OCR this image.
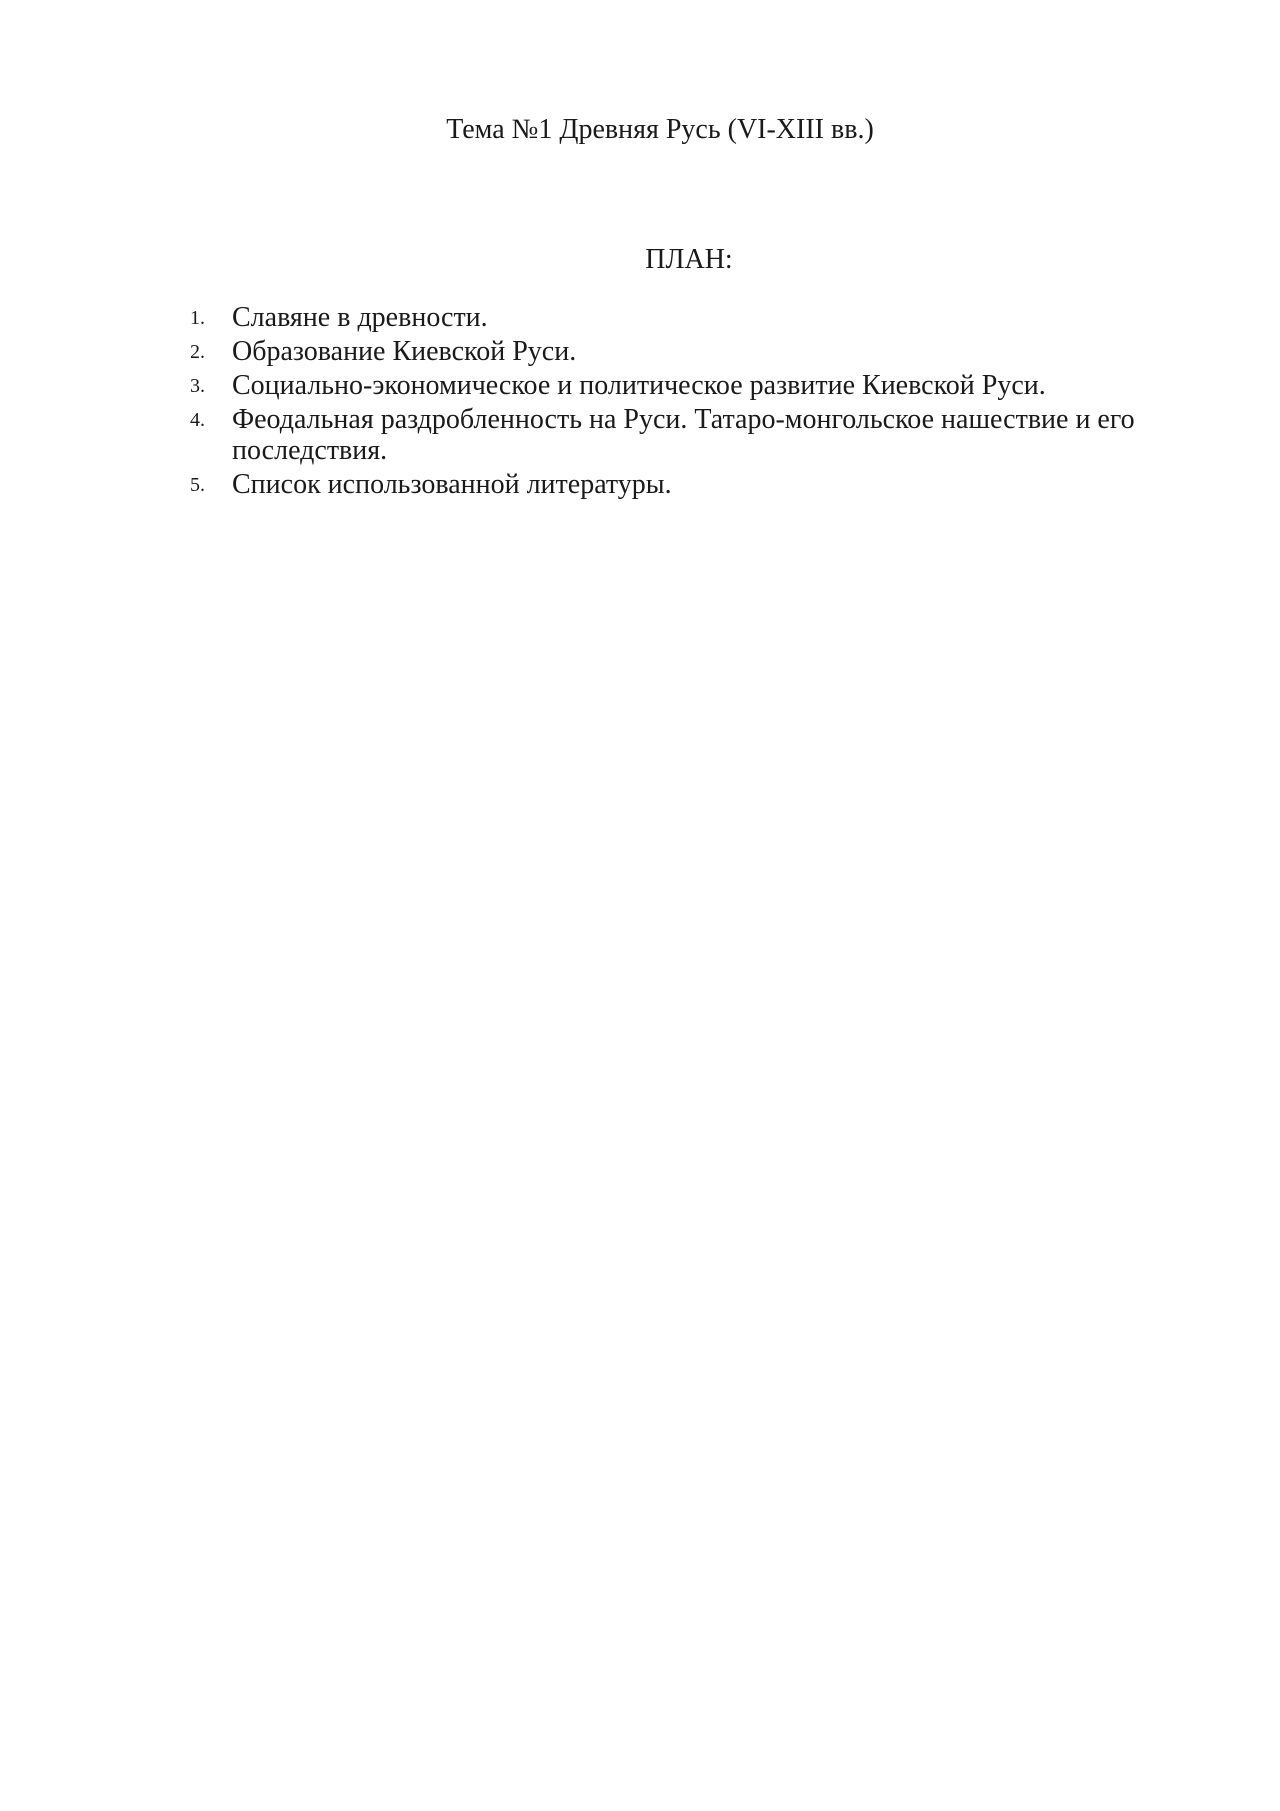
Тема №1 Древняя Русь (VI-XIII вв.)
ПЛАН:
1. Славяне в древности.
2. Образование Киевской Руси.
3. Социально-экономическое и политическое развитие Киевской Руси.
4. Феодальная раздробленность на Руси. Татаро-монгольское нашествие и его последствия.
5. Список использованной литературы.
